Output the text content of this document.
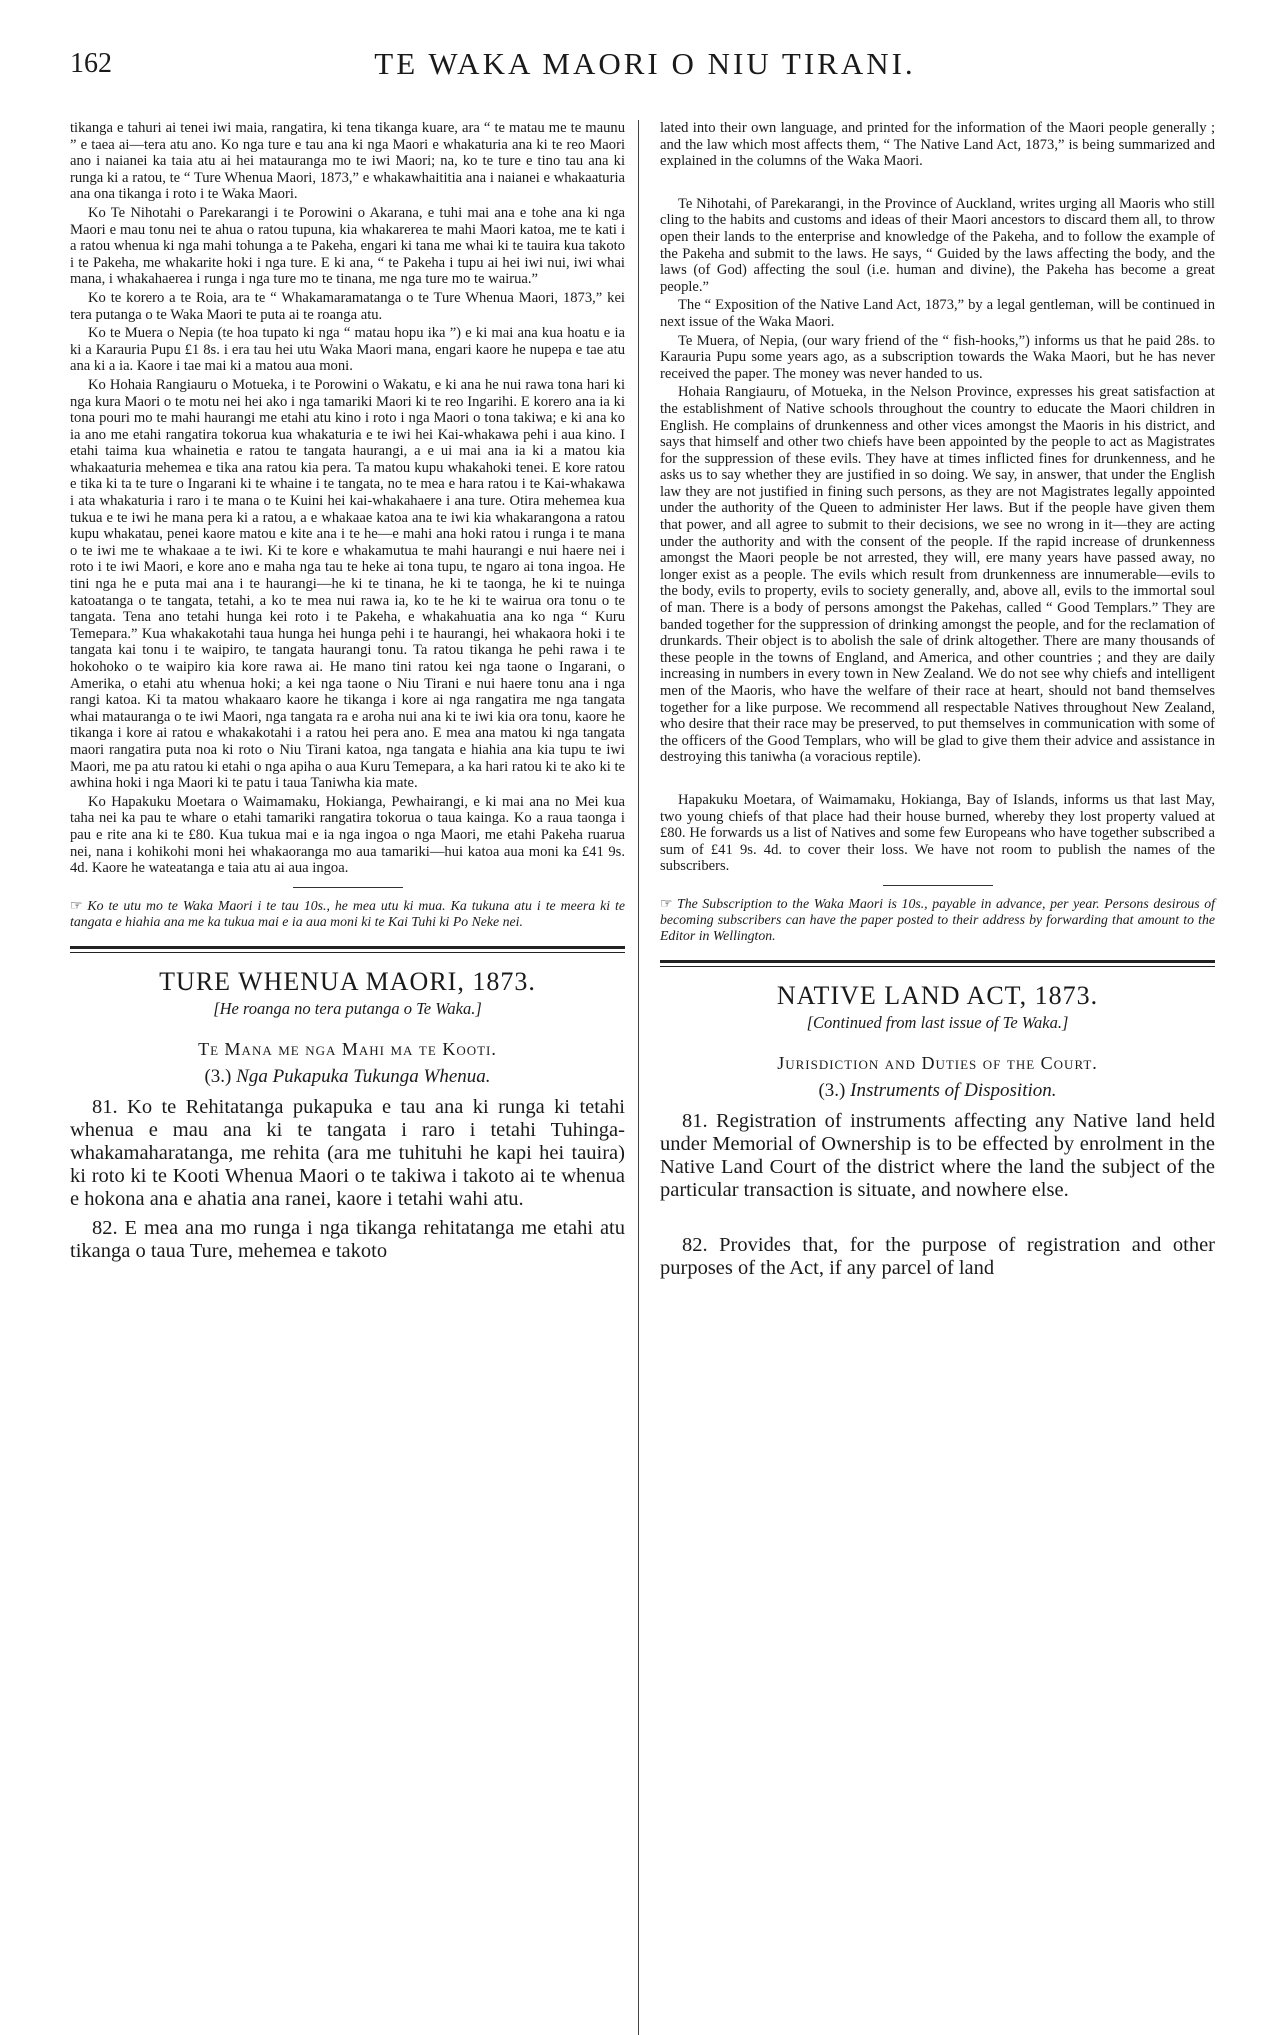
162	TE WAKA MAORI O NIU TIRANI.

tikanga e tahuri ai tenei iwi maia, rangatira, ki tena tikanga kuare, ara “ te matau me te maunu ” e taea ai—tera atu ano. Ko nga ture e tau ana ki nga Maori e whakaturia ana ki te reo Maori ano i naianei ka taia atu ai hei matauranga mo te iwi Maori; na, ko te ture e tino tau ana ki runga ki a ratou, te “ Ture Whenua Maori, 1873,” e whakawhaititia ana i naianei e whakaaturia ana ona tikanga i roto i te Waka Maori.

Ko Te Nihotahi o Parekarangi i te Porowini o Akarana, e tuhi mai ana e tohe ana ki nga Maori e mau tonu nei te ahua o ratou tupuna, kia whakarerea te mahi Maori katoa, me te kati i a ratou whenua ki nga mahi tohunga a te Pakeha, engari ki tana me whai ki te tauira kua takoto i te Pakeha, me whakarite hoki i nga ture. E ki ana, “ te Pakeha i tupu ai hei iwi nui, iwi whai mana, i whakahaerea i runga i nga ture mo te tinana, me nga ture mo te wairua.”

Ko te korero a te Roia, ara te “ Whakamaramatanga o te Ture Whenua Maori, 1873,” kei tera putanga o te Waka Maori te puta ai te roanga atu.

Ko te Muera o Nepia (te hoa tupato ki nga “ matau hopu ika ”) e ki mai ana kua hoatu e ia ki a Karauria Pupu £1 8s. i era tau hei utu Waka Maori mana, engari kaore he nupepa e tae atu ana ki a ia. Kaore i tae mai ki a matou aua moni.

Ko Hohaia Rangiauru o Motueka, i te Porowini o Wakatu, e ki ana he nui rawa tona hari ki nga kura Maori o te motu nei hei ako i nga tamariki Maori ki te reo Ingarihi. E korero ana ia ki tona pouri mo te mahi haurangi me etahi atu kino i roto i nga Maori o tona takiwa; e ki ana ko ia ano me etahi rangatira tokorua kua whakaturia e te iwi hei Kai-whakawa pehi i aua kino. I etahi taima kua whainetia e ratou te tangata haurangi, a e ui mai ana ia ki a matou kia whakaaturia mehemea e tika ana ratou kia pera. Ta matou kupu whakahoki tenei. E kore ratou e tika ki ta te ture o Ingarani ki te whaine i te tangata, no te mea e hara ratou i te Kai-whakawa i ata whakaturia i raro i te mana o te Kuini hei kai-whakahaere i ana ture. Otira mehemea kua tukua e te iwi he mana pera ki a ratou, a e whakaae katoa ana te iwi kia whakarangona a ratou kupu whakatau, penei kaore matou e kite ana i te he—e mahi ana hoki ratou i runga i te mana o te iwi me te whakaae a te iwi. Ki te kore e whakamutua te mahi haurangi e nui haere nei i roto i te iwi Maori, e kore ano e maha nga tau te heke ai tona tupu, te ngaro ai tona ingoa. He tini nga he e puta mai ana i te haurangi—he ki te tinana, he ki te taonga, he ki te nuinga katoatanga o te tangata, tetahi, a ko te mea nui rawa ia, ko te he ki te wairua ora tonu o te tangata. Tena ano tetahi hunga kei roto i te Pakeha, e whakahuatia ana ko nga “ Kuru Temepara.” Kua whakakotahi taua hunga hei hunga pehi i te haurangi, hei whakaora hoki i te tangata kai tonu i te waipiro, te tangata haurangi tonu. Ta ratou tikanga he pehi rawa i te hokohoko o te waipiro kia kore rawa ai. He mano tini ratou kei nga taone o Ingarani, o Amerika, o etahi atu whenua hoki; a kei nga taone o Niu Tirani e nui haere tonu ana i nga rangi katoa. Ki ta matou whakaaro kaore he tikanga i kore ai nga rangatira me nga tangata whai matauranga o te iwi Maori, nga tangata ra e aroha nui ana ki te iwi kia ora tonu, kaore he tikanga i kore ai ratou e whakakotahi i a ratou hei pera ano. E mea ana matou ki nga tangata maori rangatira puta noa ki roto o Niu Tirani katoa, nga tangata e hiahia ana kia tupu te iwi Maori, me pa atu ratou ki etahi o nga apiha o aua Kuru Temepara, a ka hari ratou ki te ako ki te awhina hoki i nga Maori ki te patu i taua Taniwha kia mate.

Ko Hapakuku Moetara o Waimamaku, Hokianga, Pewhairangi, e ki mai ana no Mei kua taha nei ka pau te whare o etahi tamariki rangatira tokorua o taua kainga. Ko a raua taonga i pau e rite ana ki te £80. Kua tukua mai e ia nga ingoa o nga Maori, me etahi Pakeha ruarua nei, nana i kohikohi moni hei whakaoranga mo aua tamariki—hui katoa aua moni ka £41 9s. 4d. Kaore he wateatanga e taia atu ai aua ingoa.

☞ Ko te utu mo te Waka Maori i te tau 10s., he mea utu ki mua. Ka tukuna atu i te meera ki te tangata e hiahia ana me ka tukua mai e ia aua moni ki te Kai Tuhi ki Po Neke nei.

TURE WHENUA MAORI, 1873.
[He roanga no tera putanga o Te Waka.]
Te Mana me nga Mahi ma te Kooti.
(3.) Nga Pukapuka Tukunga Whenua.

81. Ko te Rehitatanga pukapuka e tau ana ki runga ki tetahi whenua e mau ana ki te tangata i raro i tetahi Tuhinga-whakamaharatanga, me rehita (ara me tuhituhi he kapi hei tauira) ki roto ki te Kooti Whenua Maori o te takiwa i takoto ai te whenua e hokona ana e ahatia ana ranei, kaore i tetahi wahi atu.

82. E mea ana mo runga i nga tikanga rehitatanga me etahi atu tikanga o taua Ture, mehemea e takoto

lated into their own language, and printed for the information of the Maori people generally ; and the law which most affects them, “ The Native Land Act, 1873,” is being summarized and explained in the columns of the Waka Maori.

Te Nihotahi, of Parekarangi, in the Province of Auckland, writes urging all Maoris who still cling to the habits and customs and ideas of their Maori ancestors to discard them all, to throw open their lands to the enterprise and knowledge of the Pakeha, and to follow the example of the Pakeha and submit to the laws. He says, “ Guided by the laws affecting the body, and the laws (of God) affecting the soul (i.e. human and divine), the Pakeha has become a great people.”

The “ Exposition of the Native Land Act, 1873,” by a legal gentleman, will be continued in next issue of the Waka Maori.

Te Muera, of Nepia, (our wary friend of the “ fish-hooks,”) informs us that he paid 28s. to Karauria Pupu some years ago, as a subscription towards the Waka Maori, but he has never received the paper. The money was never handed to us.

Hohaia Rangiauru, of Motueka, in the Nelson Province, expresses his great satisfaction at the establishment of Native schools throughout the country to educate the Maori children in English. He complains of drunkenness and other vices amongst the Maoris in his district, and says that himself and other two chiefs have been appointed by the people to act as Magistrates for the suppression of these evils. They have at times inflicted fines for drunkenness, and he asks us to say whether they are justified in so doing. We say, in answer, that under the English law they are not justified in fining such persons, as they are not Magistrates legally appointed under the authority of the Queen to administer Her laws. But if the people have given them that power, and all agree to submit to their decisions, we see no wrong in it—they are acting under the authority and with the consent of the people. If the rapid increase of drunkenness amongst the Maori people be not arrested, they will, ere many years have passed away, no longer exist as a people. The evils which result from drunkenness are innumerable—evils to the body, evils to property, evils to society generally, and, above all, evils to the immortal soul of man. There is a body of persons amongst the Pakehas, called “ Good Templars.” They are banded together for the suppression of drinking amongst the people, and for the reclamation of drunkards. Their object is to abolish the sale of drink altogether. There are many thousands of these people in the towns of England, and America, and other countries ; and they are daily increasing in numbers in every town in New Zealand. We do not see why chiefs and intelligent men of the Maoris, who have the welfare of their race at heart, should not band themselves together for a like purpose. We recommend all respectable Natives throughout New Zealand, who desire that their race may be preserved, to put themselves in communication with some of the officers of the Good Templars, who will be glad to give them their advice and assistance in destroying this taniwha (a voracious reptile).

Hapakuku Moetara, of Waimamaku, Hokianga, Bay of Islands, informs us that last May, two young chiefs of that place had their house burned, whereby they lost property valued at £80. He forwards us a list of Natives and some few Europeans who have together subscribed a sum of £41 9s. 4d. to cover their loss. We have not room to publish the names of the subscribers.

☞ The Subscription to the Waka Maori is 10s., payable in advance, per year. Persons desirous of becoming subscribers can have the paper posted to their address by forwarding that amount to the Editor in Wellington.

NATIVE LAND ACT, 1873.
[Continued from last issue of Te Waka.]
Jurisdiction and Duties of the Court.
(3.) Instruments of Disposition.

81. Registration of instruments affecting any Native land held under Memorial of Ownership is to be effected by enrolment in the Native Land Court of the district where the land the subject of the particular transaction is situate, and nowhere else.

82. Provides that, for the purpose of registration and other purposes of the Act, if any parcel of land
